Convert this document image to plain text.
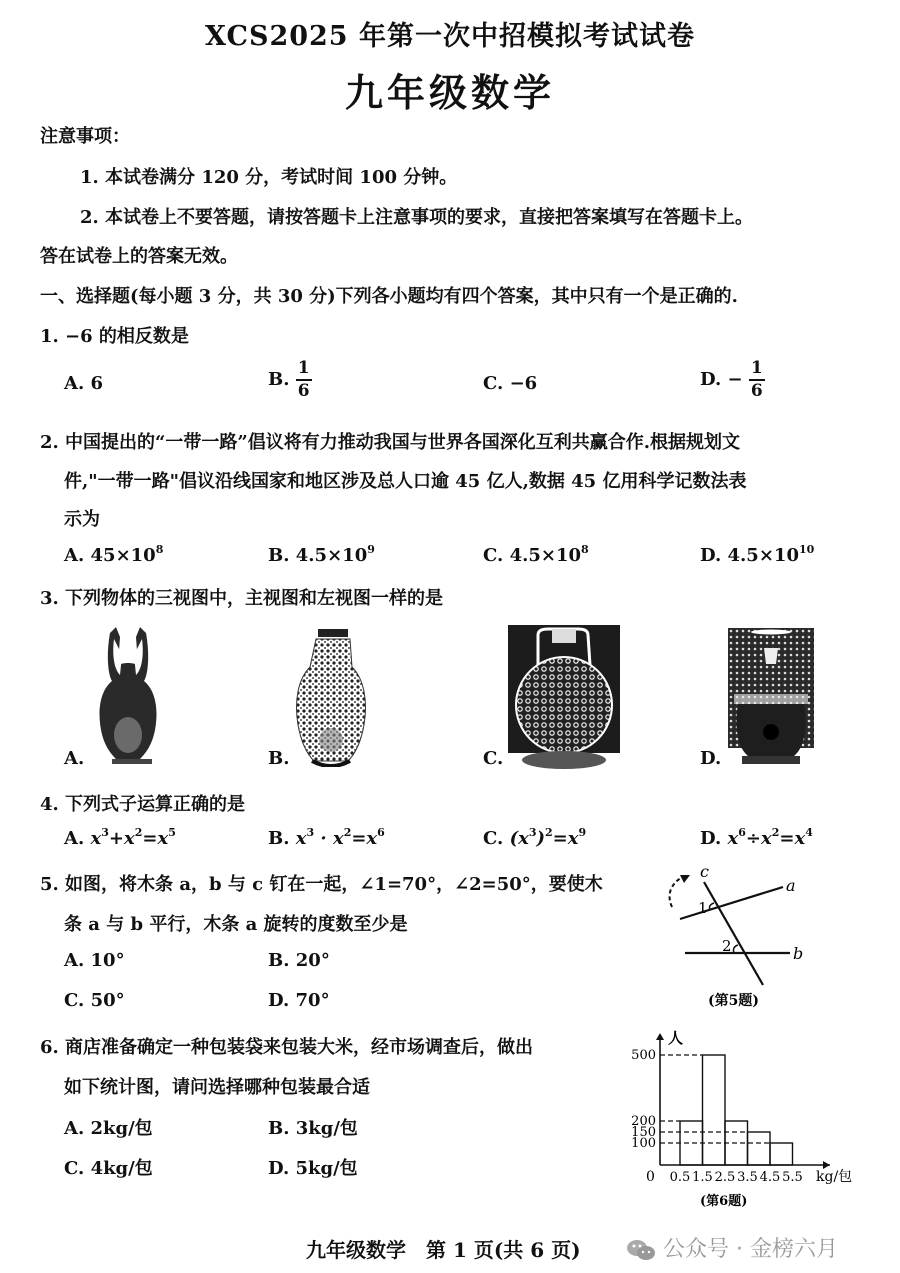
XCS2025 年第一次中招模拟考试试卷
九年级数学
注意事项：
1. 本试卷满分 120 分，考试时间 100 分钟。
2. 本试卷上不要答题，请按答题卡上注意事项的要求，直接把答案填写在答题卡上。
答在试卷上的答案无效。
一、选择题(每小题 3 分，共 30 分)下列各小题均有四个答案，其中只有一个是正确的.
1. −6 的相反数是
A. 6	B. $\frac{1}{6}$	C. −6	D. − $\frac{1}{6}$
2. 中国提出的“一带一路”倡议将有力推动我国与世界各国深化互利共赢合作.根据规划文
件,"一带一路"倡议沿线国家和地区涉及总人口逾 45 亿人,数据 45 亿用科学记数法表
示为
A. $45\times 10^8$	B. $4.5\times 10^9$	C. $4.5\times 10^8$	D. $4.5\times 10^{10}$
3. 下列物体的三视图中，主视图和左视图一样的是
A.	B.	C.	D.
4. 下列式子运算正确的是
A. $x^3+x^2=x^5$	B. $x^3 \cdot x^2=x^6$	C. $(x^3)^2=x^9$	D. $x^6\div x^2=x^4$
5. 如图，将木条 a，b 与 c 钉在一起，∠1=70°，∠2=50°，要使木
条 a 与 b 平行，木条 a 旋转的度数至少是
A. 10°	B. 20°
C. 50°	D. 70°
c
a
b
1
2
(第5题)
6. 商店准备确定一种包装袋来包装大米，经市场调查后，做出
如下统计图，请问选择哪种包装最合适
A. 2kg/包	B. 3kg/包
C. 4kg/包	D. 5kg/包
500
200
150
100
0.5 1.5 2.5 3.5 4.5 5.5
人
kg/包
0
(第6题)
九年级数学　第 1 页(共 6 页)	公众号 · 金榜六月
